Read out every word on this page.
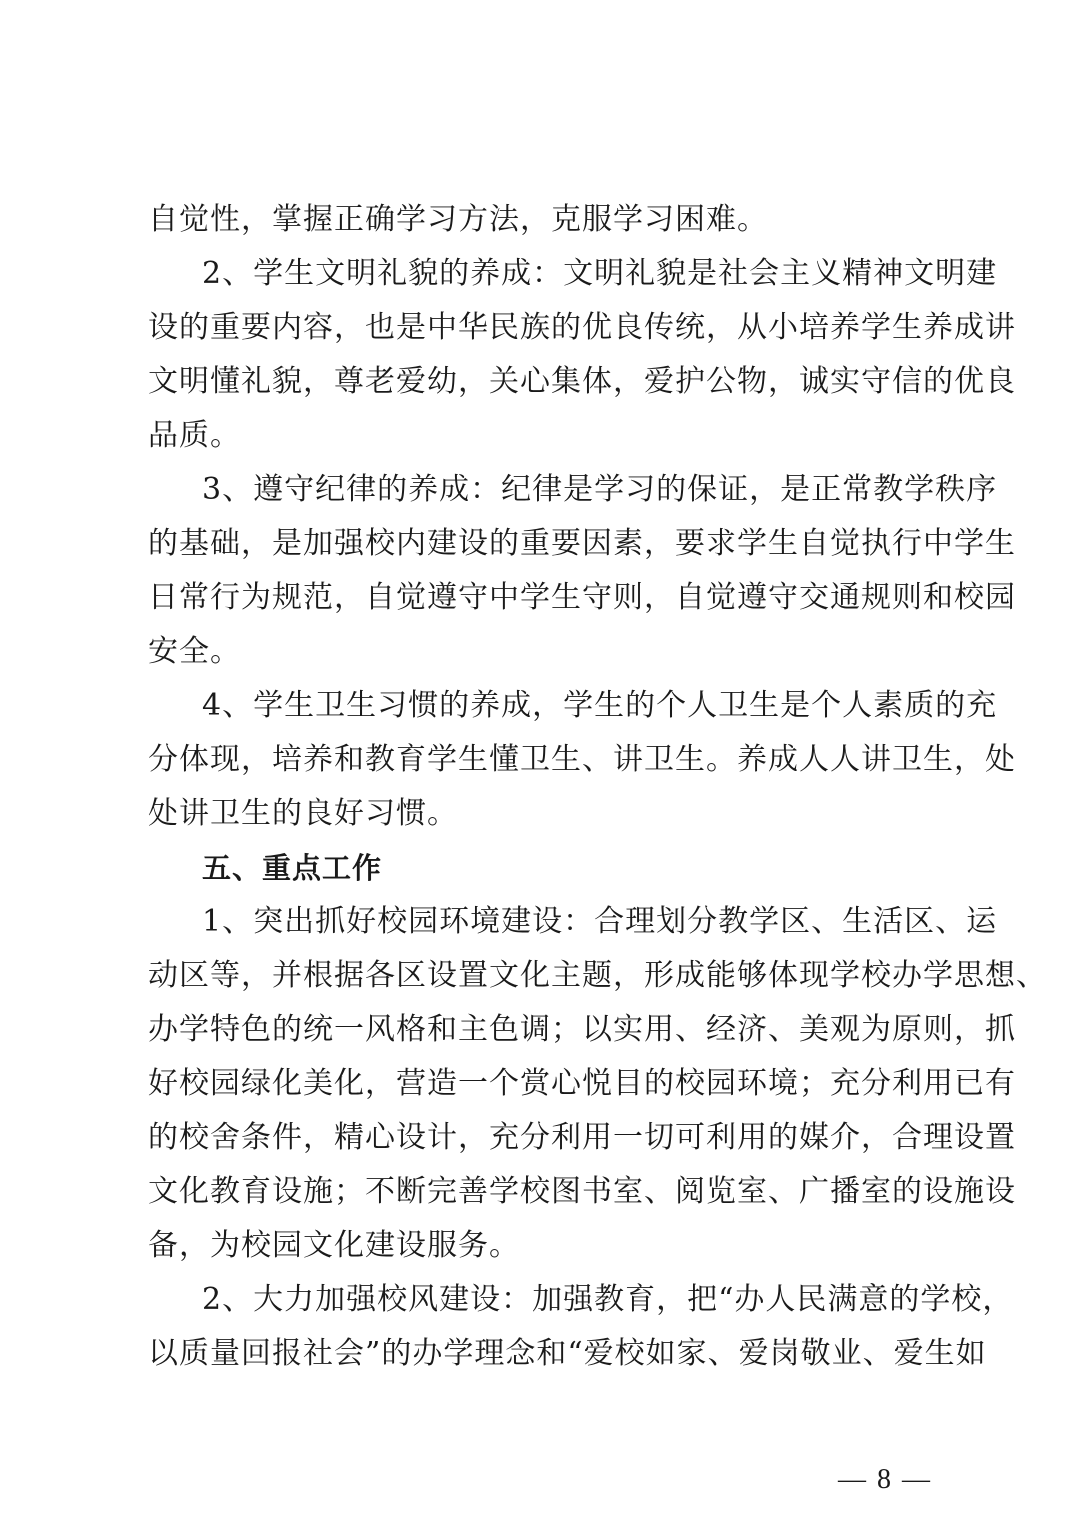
自觉性，掌握正确学习方法，克服学习困难。
2、学生文明礼貌的养成：文明礼貌是社会主义精神文明建
设的重要内容，也是中华民族的优良传统，从小培养学生养成讲
文明懂礼貌，尊老爱幼，关心集体，爱护公物，诚实守信的优良
品质。
3、遵守纪律的养成：纪律是学习的保证，是正常教学秩序
的基础，是加强校内建设的重要因素，要求学生自觉执行中学生
日常行为规范，自觉遵守中学生守则，自觉遵守交通规则和校园
安全。
4、学生卫生习惯的养成，学生的个人卫生是个人素质的充
分体现，培养和教育学生懂卫生、讲卫生。养成人人讲卫生，处
处讲卫生的良好习惯。
五、重点工作
1、突出抓好校园环境建设：合理划分教学区、生活区、运
动区等，并根据各区设置文化主题，形成能够体现学校办学思想、
办学特色的统一风格和主色调；以实用、经济、美观为原则，抓
好校园绿化美化，营造一个赏心悦目的校园环境；充分利用已有
的校舍条件，精心设计，充分利用一切可利用的媒介，合理设置
文化教育设施；不断完善学校图书室、阅览室、广播室的设施设
备，为校园文化建设服务。
2、大力加强校风建设：加强教育，把“办人民满意的学校，
以质量回报社会”的办学理念和“爱校如家、爱岗敬业、爱生如
— 8 —
